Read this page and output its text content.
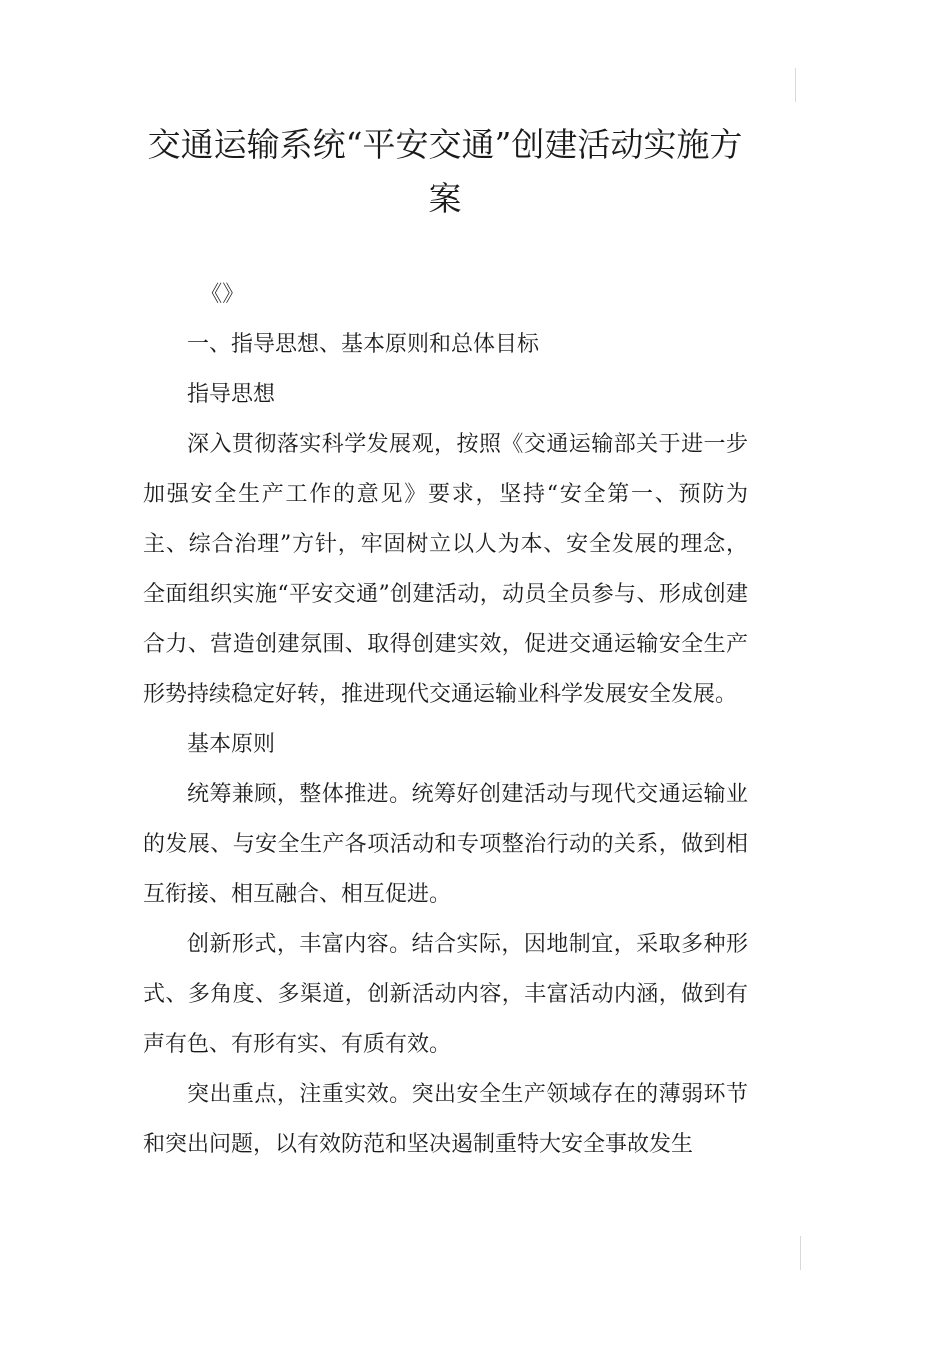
交通运输系统“平安交通”创建活动实施方案

《》

一、指导思想、基本原则和总体目标

指导思想

深入贯彻落实科学发展观，按照《交通运输部关于进一步加强安全生产工作的意见》要求，坚持“安全第一、预防为主、综合治理”方针，牢固树立以人为本、安全发展的理念，全面组织实施“平安交通”创建活动，动员全员参与、形成创建合力、营造创建氛围、取得创建实效，促进交通运输安全生产形势持续稳定好转，推进现代交通运输业科学发展安全发展。

基本原则

统筹兼顾，整体推进。统筹好创建活动与现代交通运输业的发展、与安全生产各项活动和专项整治行动的关系，做到相互衔接、相互融合、相互促进。

创新形式，丰富内容。结合实际，因地制宜，采取多种形式、多角度、多渠道，创新活动内容，丰富活动内涵，做到有声有色、有形有实、有质有效。

突出重点，注重实效。突出安全生产领域存在的薄弱环节和突出问题，以有效防范和坚决遏制重特大安全事故发生
